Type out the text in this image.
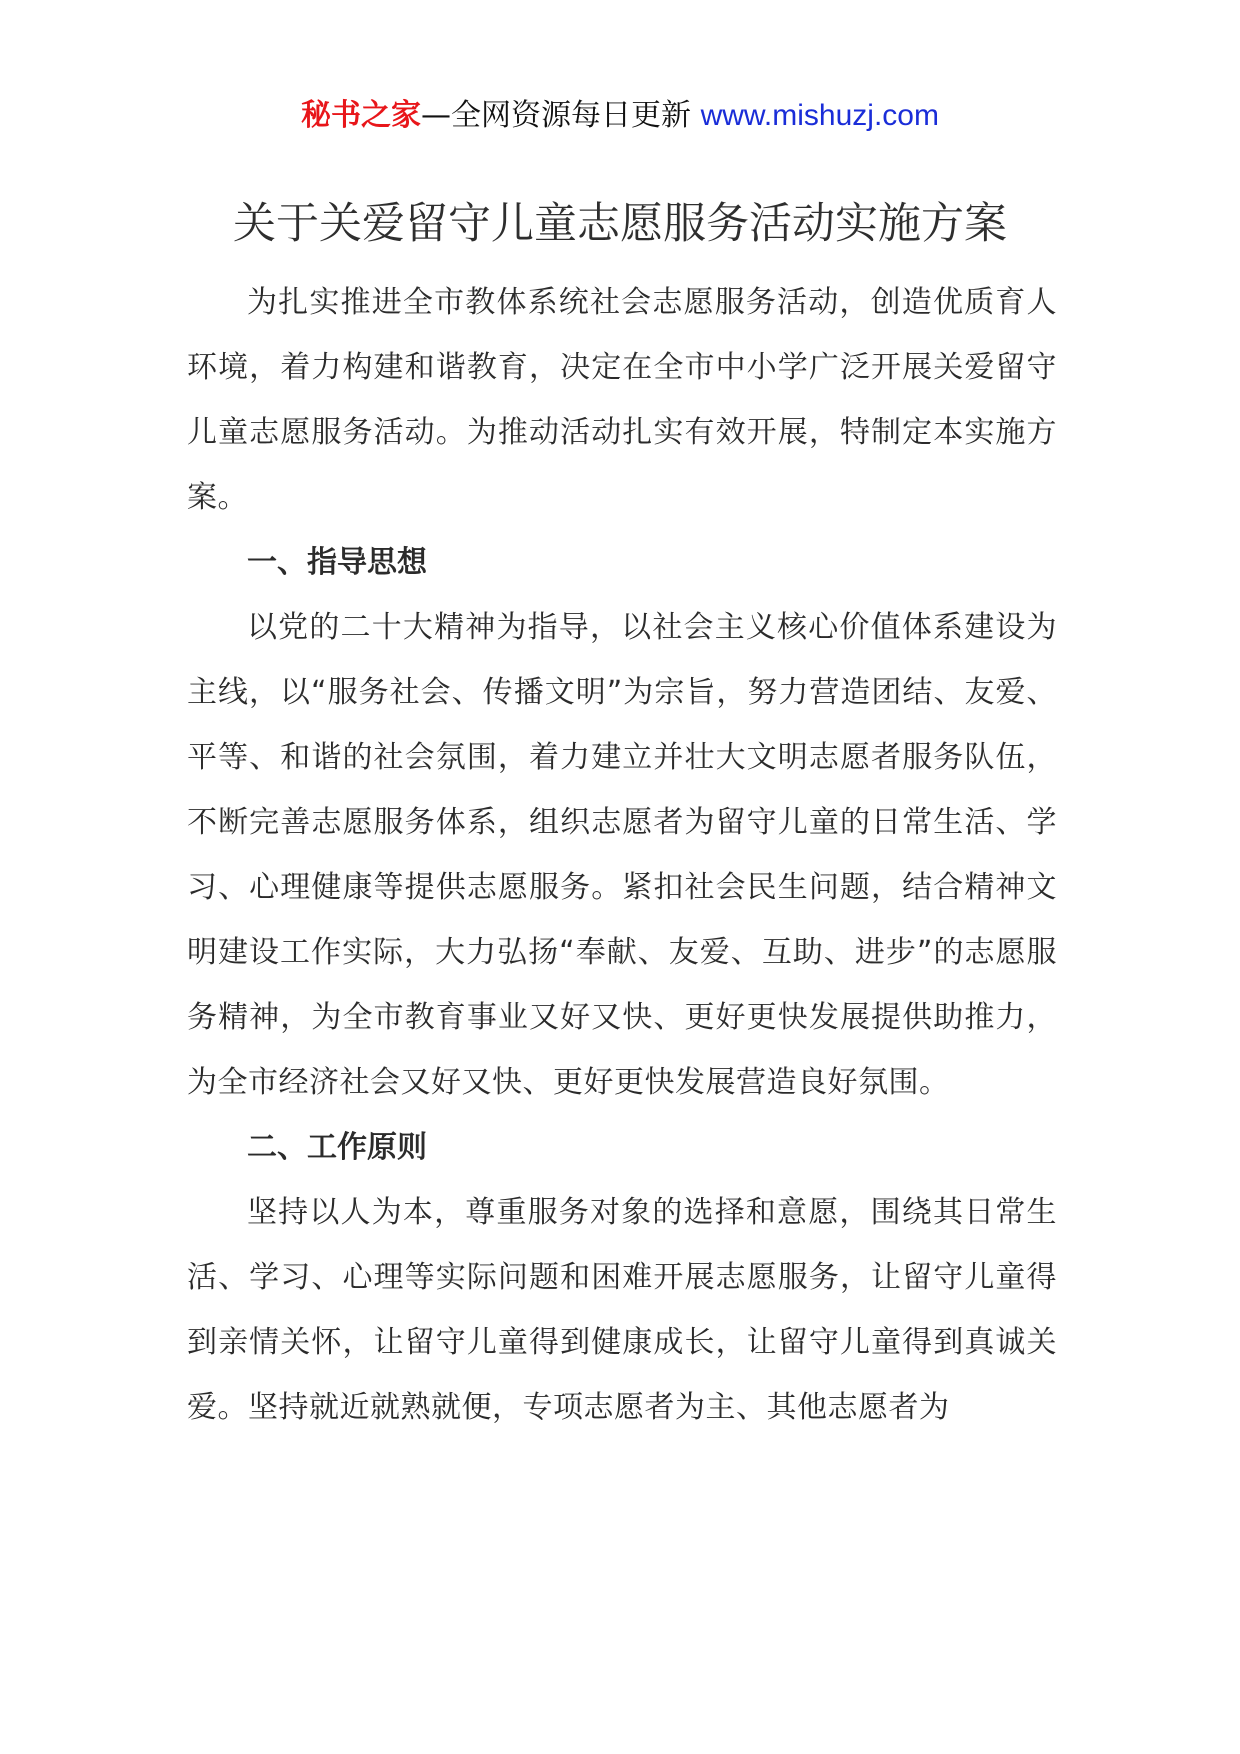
秘书之家—全网资源每日更新 www.mishuzj.com
关于关爱留守儿童志愿服务活动实施方案

为扎实推进全市教体系统社会志愿服务活动，创造优质育人环境，着力构建和谐教育，决定在全市中小学广泛开展关爱留守儿童志愿服务活动。为推动活动扎实有效开展，特制定本实施方案。

一、指导思想

以党的二十大精神为指导，以社会主义核心价值体系建设为主线，以“服务社会、传播文明”为宗旨，努力营造团结、友爱、平等、和谐的社会氛围，着力建立并壮大文明志愿者服务队伍，不断完善志愿服务体系，组织志愿者为留守儿童的日常生活、学习、心理健康等提供志愿服务。紧扣社会民生问题，结合精神文明建设工作实际，大力弘扬“奉献、友爱、互助、进步”的志愿服务精神，为全市教育事业又好又快、更好更快发展提供助推力，为全市经济社会又好又快、更好更快发展营造良好氛围。

二、工作原则

坚持以人为本，尊重服务对象的选择和意愿，围绕其日常生活、学习、心理等实际问题和困难开展志愿服务，让留守儿童得到亲情关怀，让留守儿童得到健康成长，让留守儿童得到真诚关爱。坚持就近就熟就便，专项志愿者为主、其他志愿者为
